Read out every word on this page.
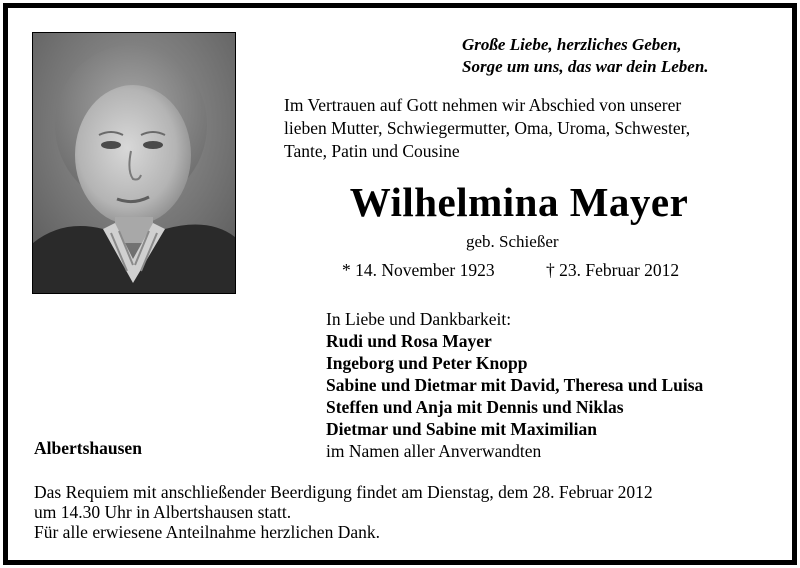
Große Liebe, herzliches Geben,
Sorge um uns, das war dein Leben.
Im Vertrauen auf Gott nehmen wir Abschied von unserer
lieben Mutter, Schwiegermutter, Oma, Uroma, Schwester,
Tante, Patin und Cousine
Wilhelmina Mayer
geb. Schießer
* 14. November 1923	† 23. Februar 2012
In Liebe und Dankbarkeit:
Rudi und Rosa Mayer
Ingeborg und Peter Knopp
Sabine und Dietmar mit David, Theresa und Luisa
Steffen und Anja mit Dennis und Niklas
Dietmar und Sabine mit Maximilian
im Namen aller Anverwandten
Albertshausen
Das Requiem mit anschließender Beerdigung findet am Dienstag, dem 28. Februar 2012
um 14.30 Uhr in Albertshausen statt.
Für alle erwiesene Anteilnahme herzlichen Dank.
